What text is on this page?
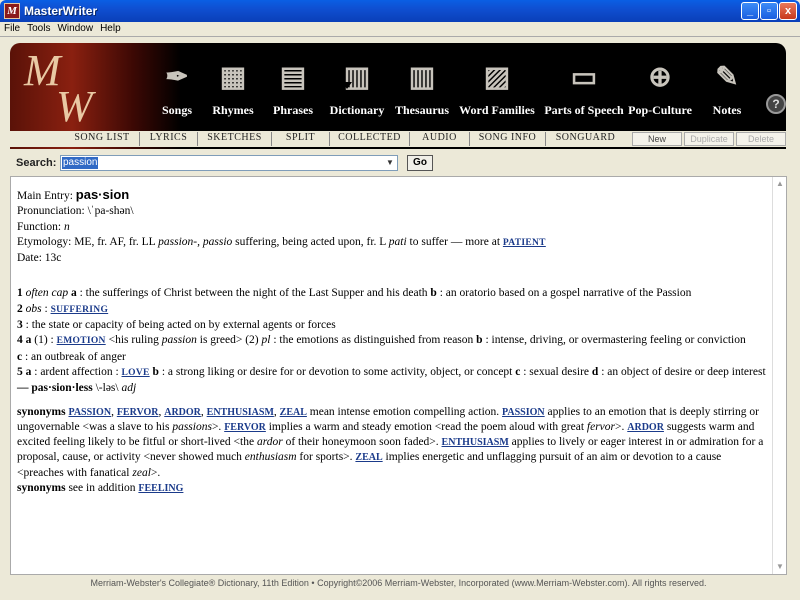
M MasterWriter	_	▫	x
File Tools Window Help
M
W
✒
Songs
▦
Rhymes
▤
Phrases
▥
Dictionary
▥
Thesaurus
▨
Word Families
▭
Parts of Speech
⊕
Pop-Culture
✎
Notes	?
SONG LIST	LYRICS	SKETCHES	SPLIT	COLLECTED	AUDIO	SONG INFO	SONGUARD	New	Duplicate	Delete
Search: passion	▼	Go

Main Entry: pas·sion

Pronunciation: \ˈpa-shən\

Function: n

Etymology: ME, fr. AF, fr. LL passion-, passio suffering, being acted upon, fr. L pati to suffer — more at PATIENT

Date: 13c

1 often cap a : the sufferings of Christ between the night of the Last Supper and his death b : an oratorio based on a gospel narrative of the Passion

2 obs : SUFFERING

3 : the state or capacity of being acted on by external agents or forces

4 a (1) : EMOTION <his ruling passion is greed> (2) pl : the emotions as distinguished from reason b : intense, driving, or overmastering feeling or conviction
c : an outbreak of anger

5 a : ardent affection : LOVE b : a strong liking or desire for or devotion to some activity, object, or concept c : sexual desire d : an object of desire or deep interest

— pas·sion·less \-ləs\ adj

synonyms PASSION, FERVOR, ARDOR, ENTHUSIASM, ZEAL mean intense emotion compelling action. PASSION applies to an emotion that is deeply stirring or ungovernable <was a slave to his passions>. FERVOR implies a warm and steady emotion <read the poem aloud with great fervor>. ARDOR suggests warm and excited feeling likely to be fitful or short-lived <the ardor of their honeymoon soon faded>. ENTHUSIASM applies to lively or eager interest in or admiration for a proposal, cause, or activity <never showed much enthusiasm for sports>. ZEAL implies energetic and unflagging pursuit of an aim or devotion to a cause <preaches with fanatical zeal>.

synonyms see in addition FEELING

▲
▼
Merriam-Webster's Collegiate® Dictionary, 11th Edition • Copyright©2006 Merriam-Webster, Incorporated (www.Merriam-Webster.com). All rights reserved.
